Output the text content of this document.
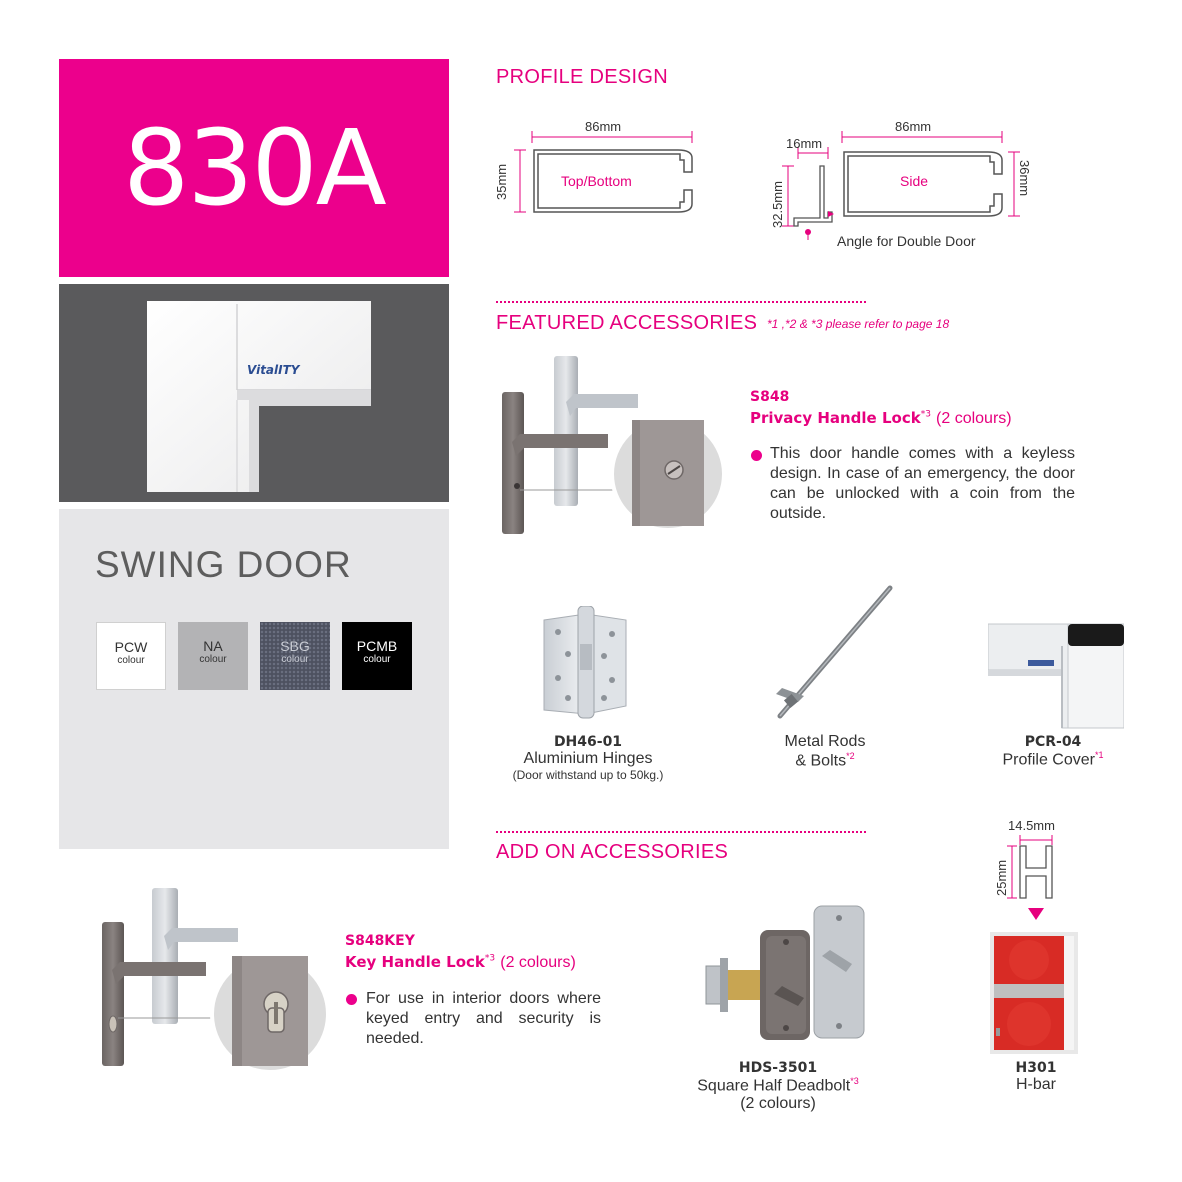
830A
VitalITY
SWING DOOR
PCW
colour
NA
colour
SBG
colour
PCMB
colour
PROFILE DESIGN
86mm
35mm	Top/Bottom
86mm
16mm
32.5mm
36mm
Side
Angle for Double Door
FEATURED ACCESSORIES *1 ,*2 & *3 please refer to page 18
S848
Privacy Handle Lock$^{*3}$ (2 colours)
This door handle comes with a keyless design. In case of an emergency, the door can be unlocked with a coin from the outside.
DH46-01
Aluminium Hinges
(Door withstand up to 50kg.)
Metal Rods
& Bolts$^{*2}$
PCR-04
Profile Cover$^{*1}$
ADD ON ACCESSORIES
S848KEY
Key Handle Lock$^{*3}$ (2 colours)
For use in interior doors where keyed entry and security is needed.
HDS-3501
Square Half Deadbolt$^{*3}$
(2 colours)
14.5mm
25mm
H301
H-bar
